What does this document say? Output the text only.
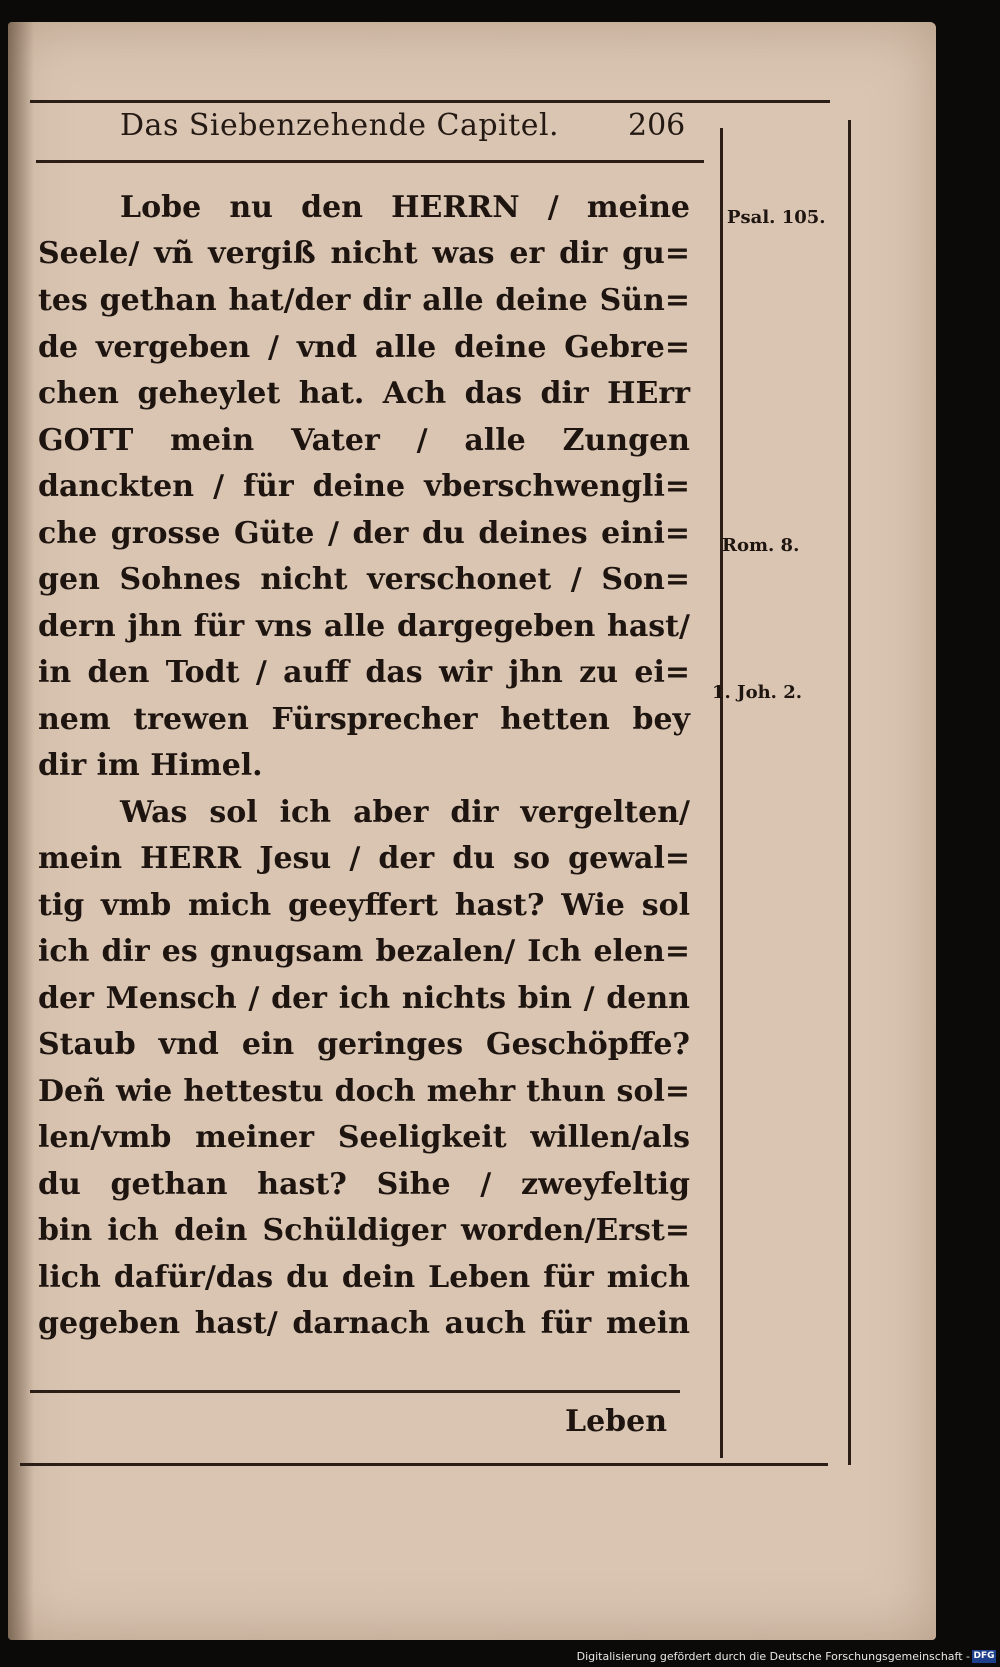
Das Siebenzehende Capitel. 206
Lobe nu den HERRN / meine
Seele/ vñ vergiß nicht was er dir gu=
tes gethan hat/der dir alle deine Sün=
de vergeben / vnd alle deine Gebre=
chen geheylet hat. Ach das dir HErr
GOTT mein Vater / alle Zungen
danckten / für deine vberschwengli=
che grosse Güte / der du deines eini=
gen Sohnes nicht verschonet / Son=
dern jhn für vns alle dargegeben hast/
in den Todt / auff das wir jhn zu ei=
nem trewen Fürsprecher hetten bey
dir im Himel.
Was sol ich aber dir vergelten/
mein HERR Jesu / der du so gewal=
tig vmb mich geeyffert hast? Wie sol
ich dir es gnugsam bezalen/ Ich elen=
der Mensch / der ich nichts bin / denn
Staub vnd ein geringes Geschöpffe?
Deñ wie hettestu doch mehr thun sol=
len/vmb meiner Seeligkeit willen/als
du gethan hast? Sihe / zweyfeltig
bin ich dein Schüldiger worden/Erst=
lich dafür/das du dein Leben für mich
gegeben hast/ darnach auch für mein
Leben
Psal. 105.
Rom. 8.
1. Joh. 2.
Digitalisierung gefördert durch die Deutsche Forschungsgemeinschaft - DFG
